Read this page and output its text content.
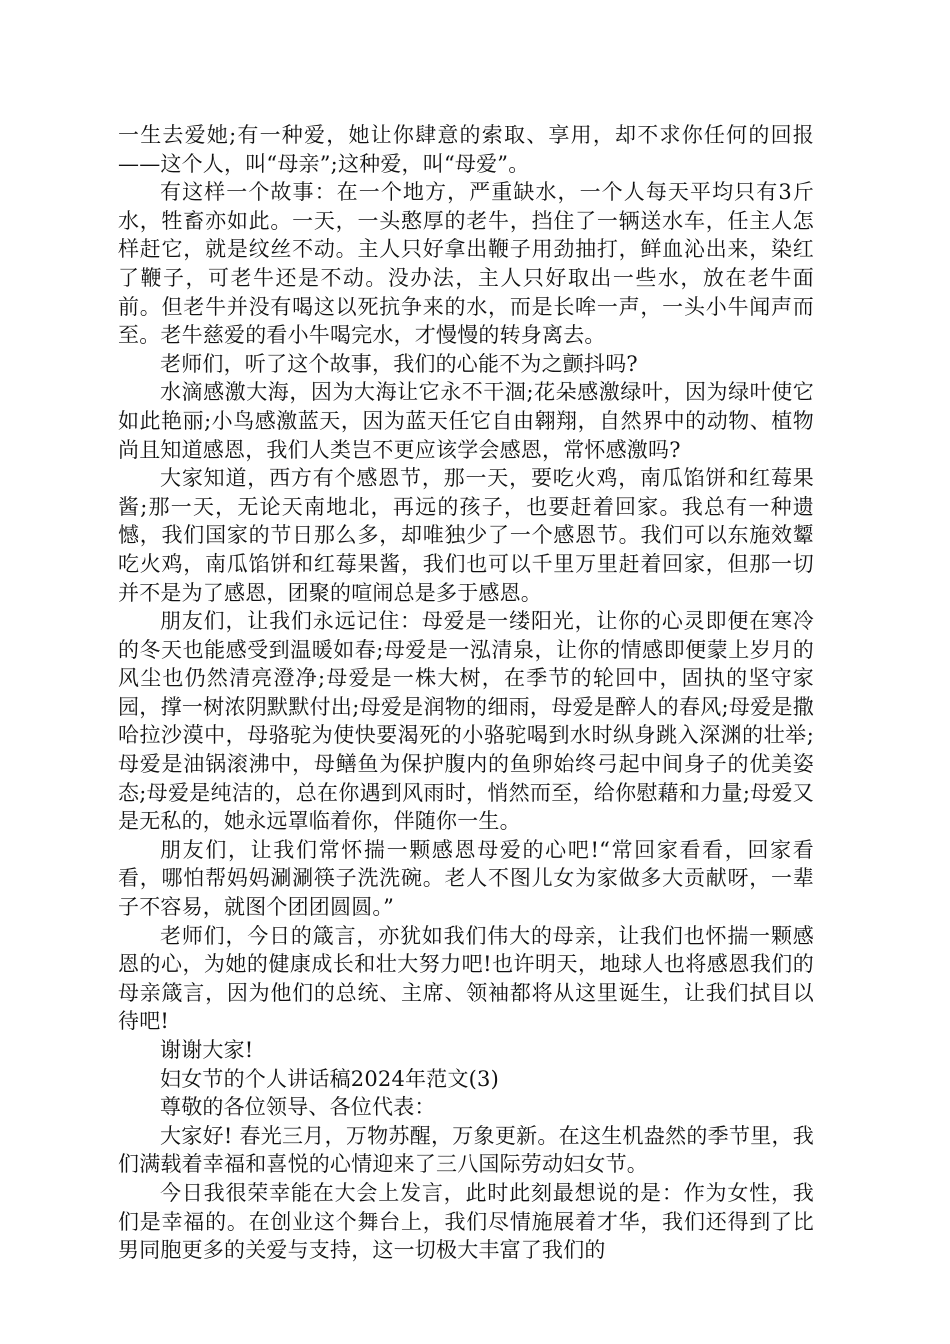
一生去爱她;有一种爱，她让你肆意的索取、享用，却不求你任何的回报——这个人，叫“母亲”;这种爱，叫“母爱”。

有这样一个故事：在一个地方，严重缺水，一个人每天平均只有3斤水，牲畜亦如此。一天，一头憨厚的老牛，挡住了一辆送水车，任主人怎样赶它，就是纹丝不动。主人只好拿出鞭子用劲抽打，鲜血沁出来，染红了鞭子，可老牛还是不动。没办法，主人只好取出一些水，放在老牛面前。但老牛并没有喝这以死抗争来的水，而是长哞一声，一头小牛闻声而至。老牛慈爱的看小牛喝完水，才慢慢的转身离去。

老师们，听了这个故事，我们的心能不为之颤抖吗?

水滴感激大海，因为大海让它永不干涸;花朵感激绿叶，因为绿叶使它如此艳丽;小鸟感激蓝天，因为蓝天任它自由翱翔，自然界中的动物、植物尚且知道感恩，我们人类岂不更应该学会感恩，常怀感激吗?

大家知道，西方有个感恩节，那一天，要吃火鸡，南瓜馅饼和红莓果酱;那一天，无论天南地北，再远的孩子，也要赶着回家。我总有一种遗憾，我们国家的节日那么多，却唯独少了一个感恩节。我们可以东施效颦吃火鸡，南瓜馅饼和红莓果酱，我们也可以千里万里赶着回家，但那一切并不是为了感恩，团聚的喧闹总是多于感恩。

朋友们，让我们永远记住：母爱是一缕阳光，让你的心灵即便在寒冷的冬天也能感受到温暖如春;母爱是一泓清泉，让你的情感即便蒙上岁月的风尘也仍然清亮澄净;母爱是一株大树，在季节的轮回中，固执的坚守家园，撑一树浓阴默默付出;母爱是润物的细雨，母爱是醉人的春风;母爱是撒哈拉沙漠中，母骆驼为使快要渴死的小骆驼喝到水时纵身跳入深渊的壮举;母爱是油锅滚沸中，母鳝鱼为保护腹内的鱼卵始终弓起中间身子的优美姿态;母爱是纯洁的，总在你遇到风雨时，悄然而至，给你慰藉和力量;母爱又是无私的，她永远罩临着你，伴随你一生。

朋友们，让我们常怀揣一颗感恩母爱的心吧!“常回家看看，回家看看，哪怕帮妈妈涮涮筷子洗洗碗。老人不图儿女为家做多大贡献呀，一辈子不容易，就图个团团圆圆。”

老师们，今日的箴言，亦犹如我们伟大的母亲，让我们也怀揣一颗感恩的心，为她的健康成长和壮大努力吧!也许明天，地球人也将感恩我们的母亲箴言，因为他们的总统、主席、领袖都将从这里诞生，让我们拭目以待吧!

谢谢大家!

妇女节的个人讲话稿2024年范文(3)

尊敬的各位领导、各位代表：

大家好! 春光三月，万物苏醒，万象更新。在这生机盎然的季节里，我们满载着幸福和喜悦的心情迎来了三八国际劳动妇女节。

今日我很荣幸能在大会上发言，此时此刻最想说的是：作为女性，我们是幸福的。在创业这个舞台上，我们尽情施展着才华，我们还得到了比男同胞更多的关爱与支持，这一切极大丰富了我们的
